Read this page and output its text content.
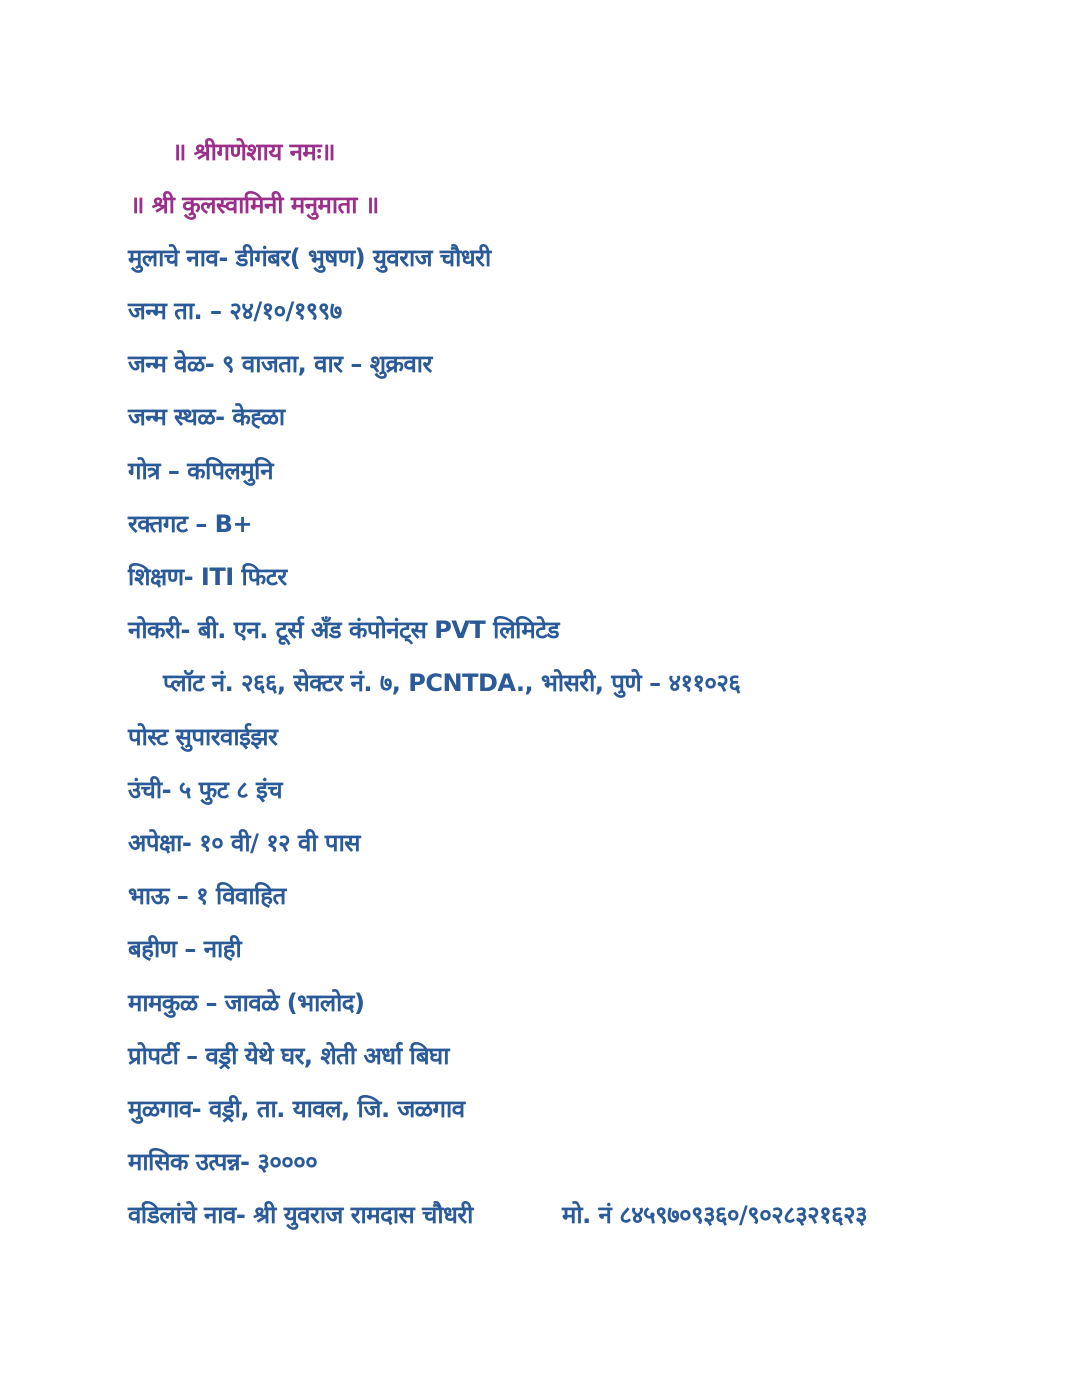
॥ श्रीगणेशाय नमः॥
॥ श्री कुलस्वामिनी मनुमाता ॥
मुलाचे नाव- डीगंबर( भुषण) युवराज चौधरी
जन्म ता. – २४/१०/१९९७
जन्म वेळ- ९ वाजता, वार – शुक्रवार
जन्म स्थळ- केह्ळा
गोत्र – कपिलमुनि
रक्तगट – B+
शिक्षण- ITI फिटर
नोकरी- बी. एन. टूर्स अँड कंपोनंट्स PVT लिमिटेड
प्लॉट नं. २६६, सेक्टर नं. ७, PCNTDA., भोसरी, पुणे – ४११०२६
पोस्ट सुपारवाईझर
उंची- ५ फुट ८ इंच
अपेक्षा- १० वी/ १२ वी पास
भाऊ – १ विवाहित
बहीण – नाही
मामकुळ – जावळे (भालोद)
प्रोपर्टी – वड्री येथे घर, शेती अर्धा बिघा
मुळगाव- वड्री, ता. यावल, जि. जळगाव
मासिक उत्पन्न- ३००००
वडिलांचे नाव- श्री युवराज रामदास चौधरी	मो. नं ८४५९७०९३६०/९०२८३२१६२३
